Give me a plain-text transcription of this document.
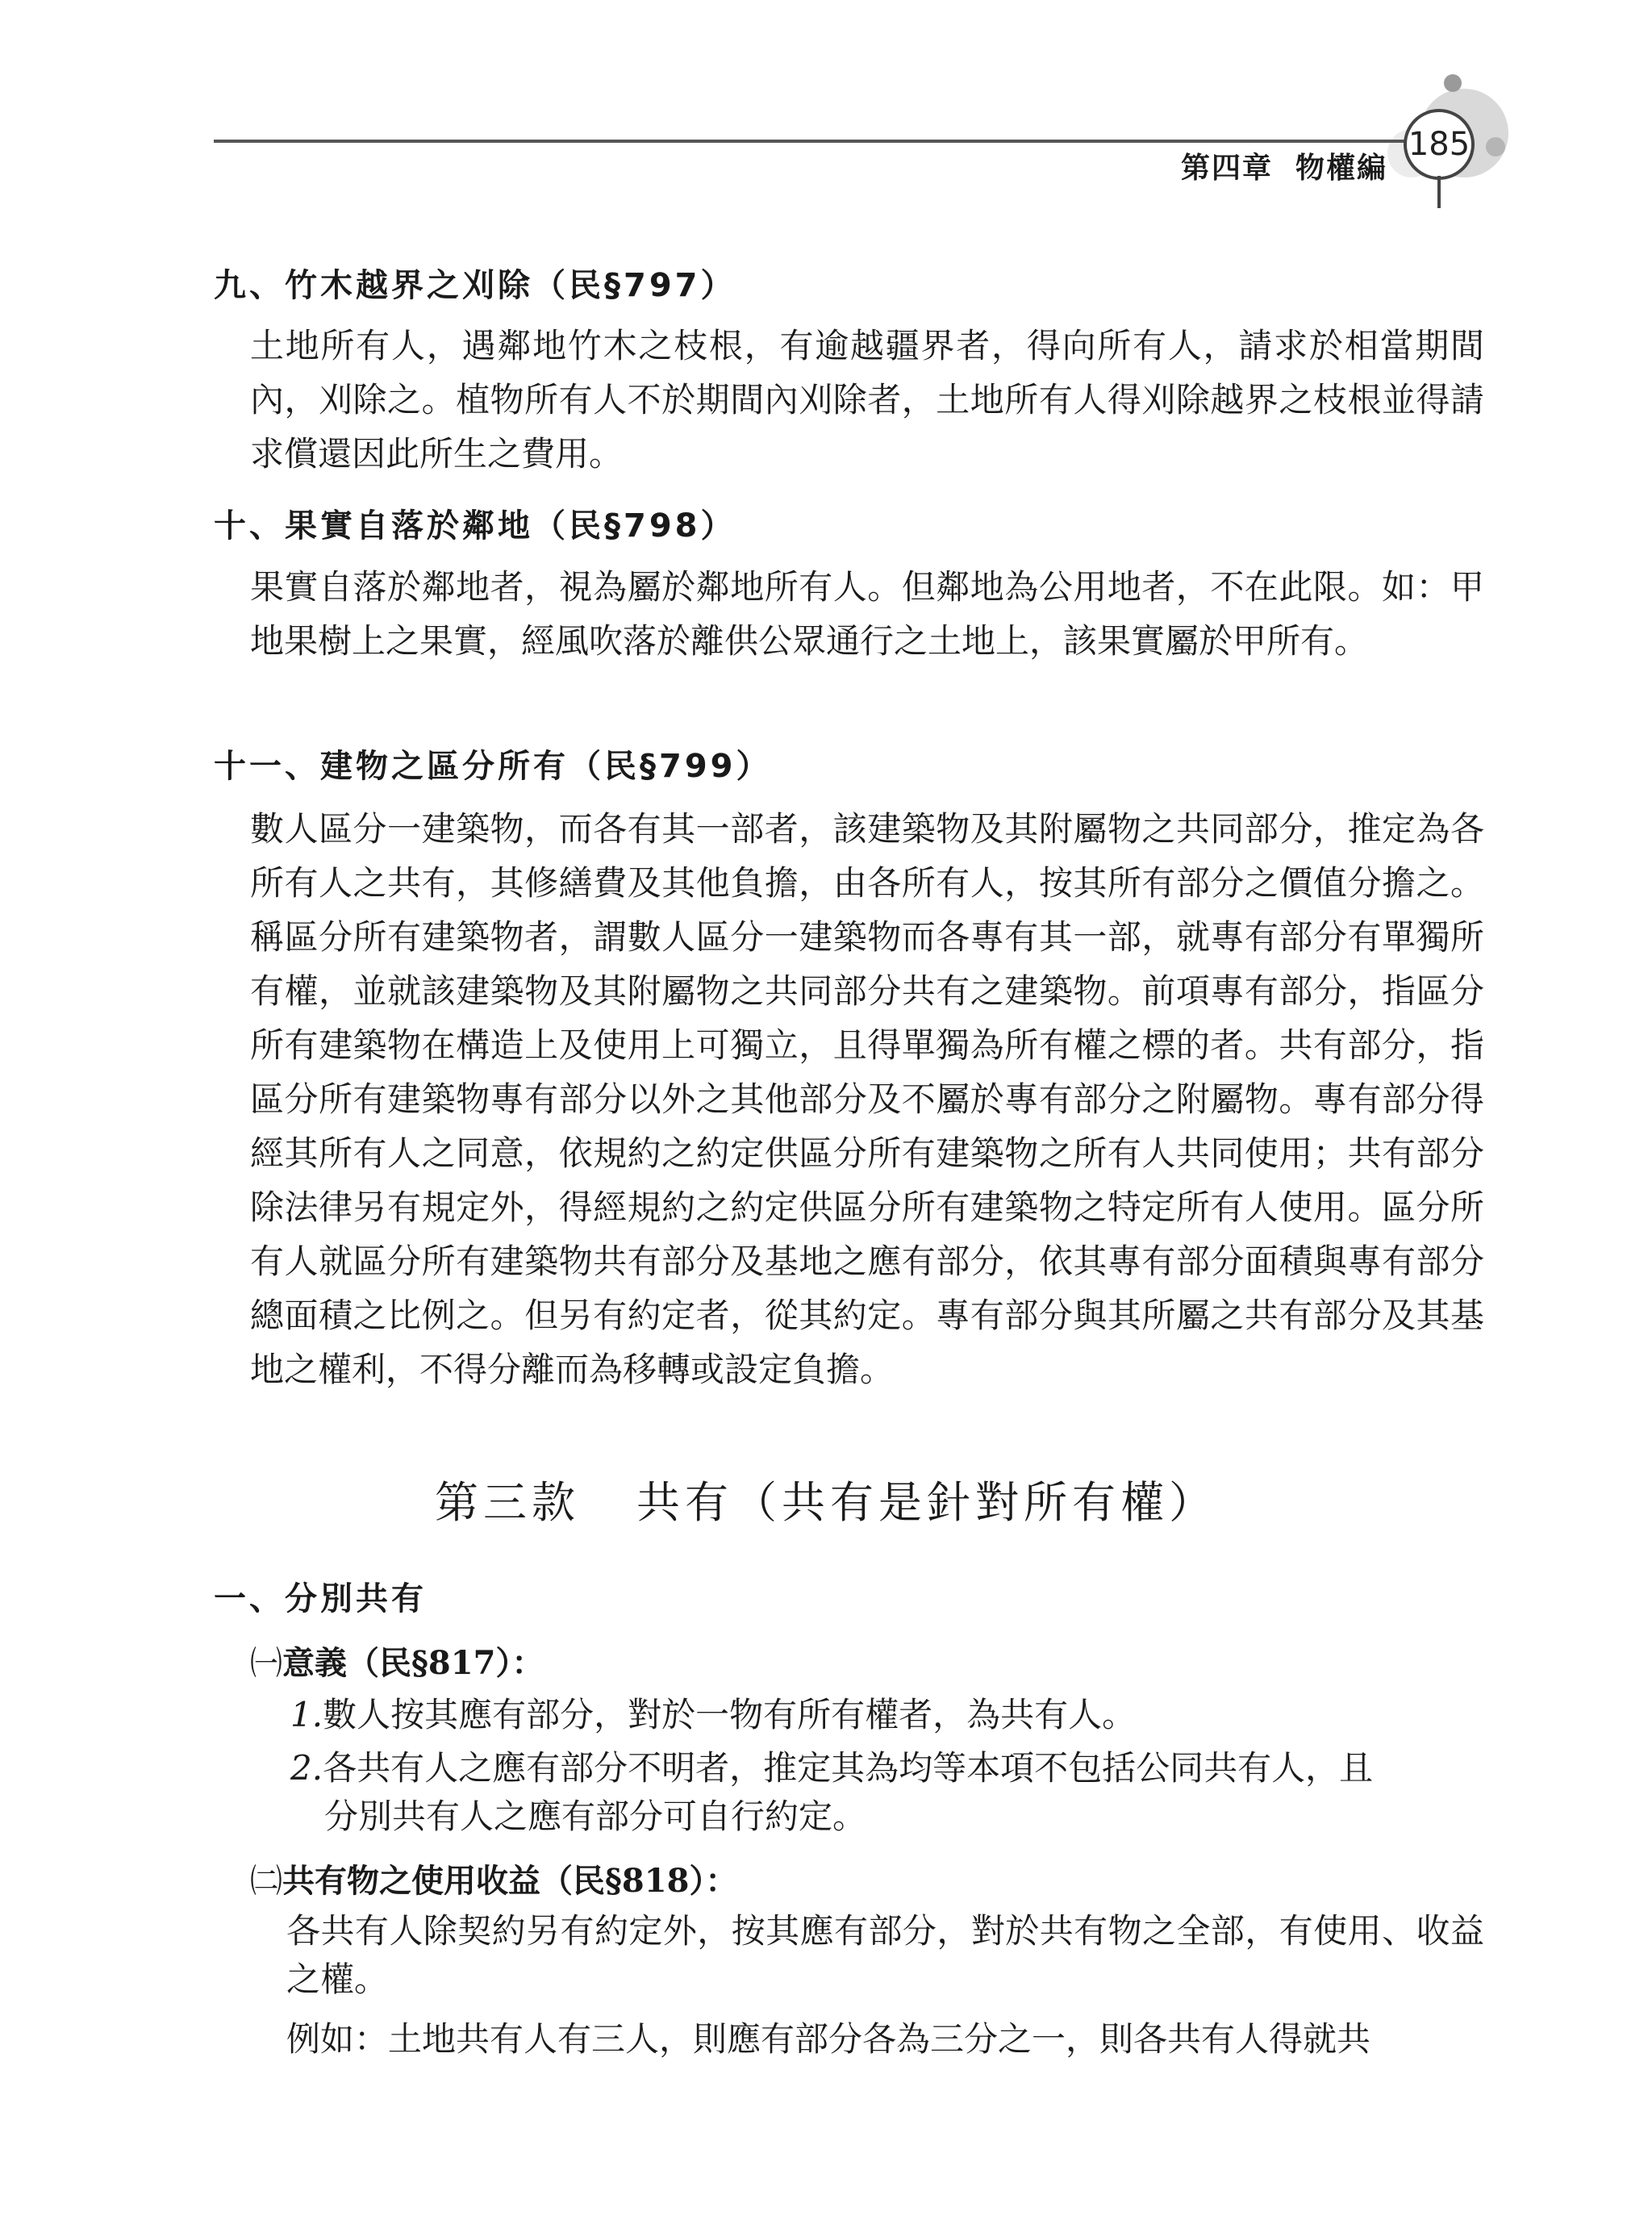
第四章 物權編
185
九、竹木越界之刈除（民§797）
土地所有人，遇鄰地竹木之枝根，有逾越疆界者，得向所有人，請求於相當期間內，刈除之。植物所有人不於期間內刈除者，土地所有人得刈除越界之枝根並得請求償還因此所生之費用。
十、果實自落於鄰地（民§798）
果實自落於鄰地者，視為屬於鄰地所有人。但鄰地為公用地者，不在此限。如：甲地果樹上之果實，經風吹落於離供公眾通行之土地上，該果實屬於甲所有。
十一、建物之區分所有（民§799）
數人區分一建築物，而各有其一部者，該建築物及其附屬物之共同部分，推定為各所有人之共有，其修繕費及其他負擔，由各所有人，按其所有部分之價值分擔之。稱區分所有建築物者，謂數人區分一建築物而各專有其一部，就專有部分有單獨所有權，並就該建築物及其附屬物之共同部分共有之建築物。前項專有部分，指區分所有建築物在構造上及使用上可獨立，且得單獨為所有權之標的者。共有部分，指區分所有建築物專有部分以外之其他部分及不屬於專有部分之附屬物。專有部分得經其所有人之同意，依規約之約定供區分所有建築物之所有人共同使用；共有部分除法律另有規定外，得經規約之約定供區分所有建築物之特定所有人使用。區分所有人就區分所有建築物共有部分及基地之應有部分，依其專有部分面積與專有部分總面積之比例之。但另有約定者，從其約定。專有部分與其所屬之共有部分及其基地之權利，不得分離而為移轉或設定負擔。
第三款 共有（共有是針對所有權）
一、分別共有
㈠意義（民§817）：
1.數人按其應有部分，對於一物有所有權者，為共有人。
2.各共有人之應有部分不明者，推定其為均等本項不包括公同共有人，且
分別共有人之應有部分可自行約定。
㈡共有物之使用收益（民§818）：
各共有人除契約另有約定外，按其應有部分，對於共有物之全部，有使用、收益之權。
例如：土地共有人有三人，則應有部分各為三分之一，則各共有人得就共
